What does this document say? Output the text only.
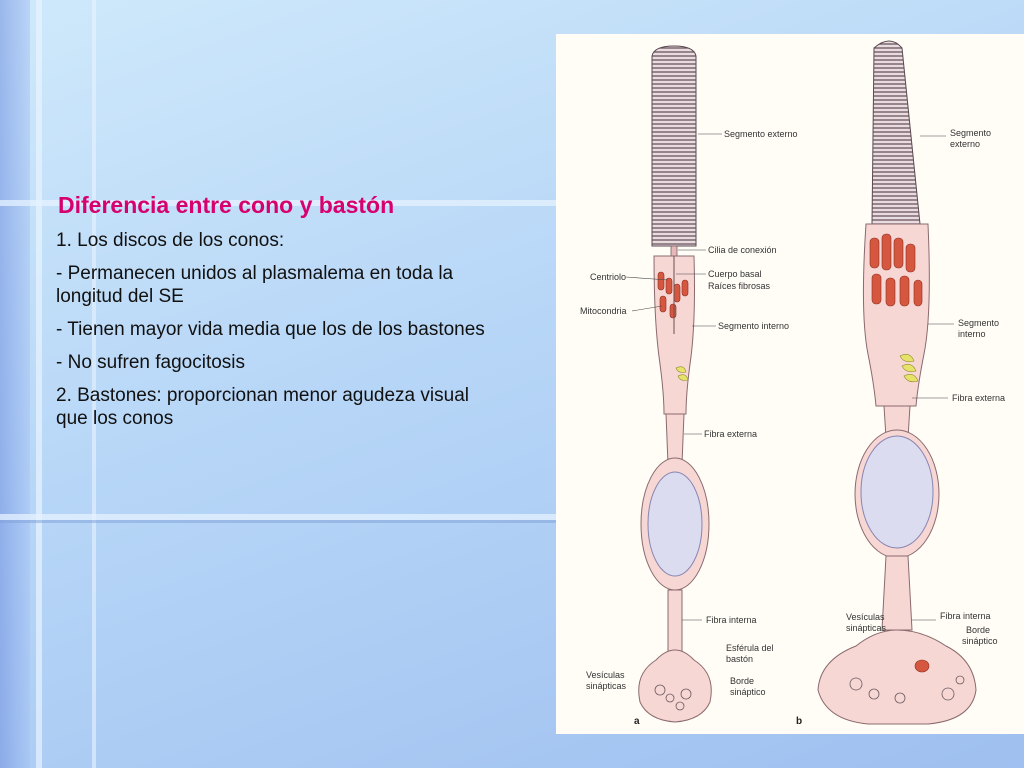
Diferencia entre cono y bastón
1. Los discos de los conos:
- Permanecen unidos al plasmalema en toda la longitud del SE
- Tienen mayor vida media que los de los bastones
- No sufren fagocitosis
2. Bastones: proporcionan menor agudeza visual que los conos
Segmento externo
Cilia de conexión
Cuerpo basal
Raíces fibrosas
Segmento interno
Fibra externa
Fibra interna
Esférula del
bastón
Borde
sináptico
Centriolo
Mitocondria
Vesículas
sinápticas
Segmento
externo
Segmento
interno
Fibra externa
Vesículas
sinápticas
Fibra interna
Borde
sináptico
a	b
